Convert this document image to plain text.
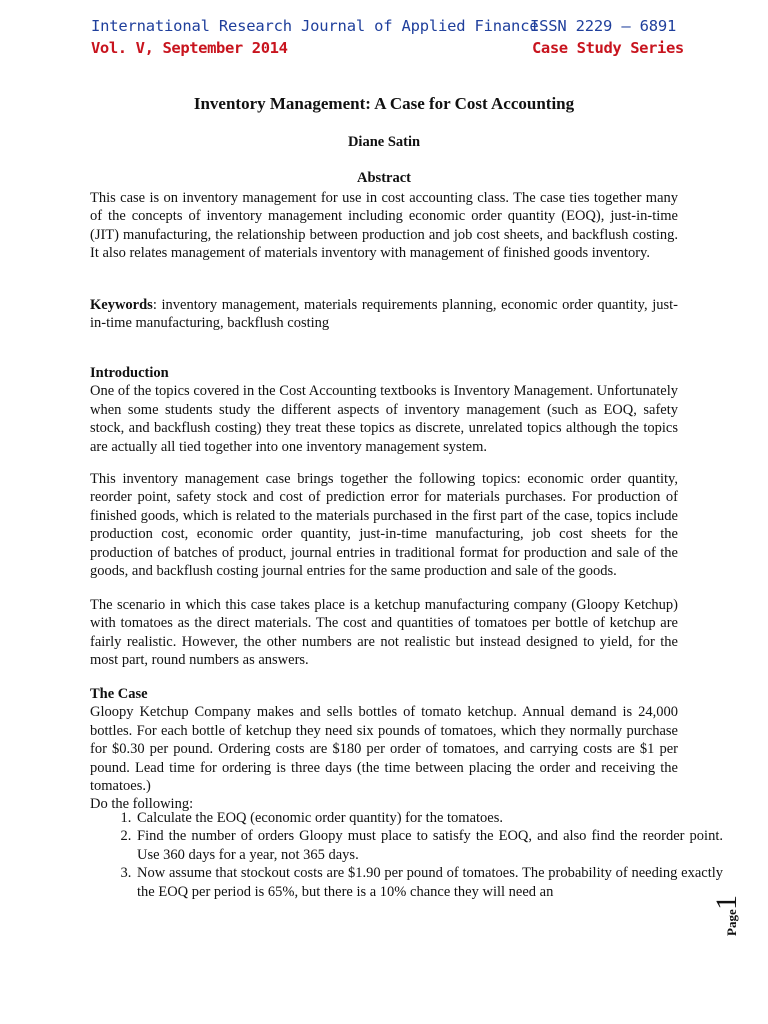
International Research Journal of Applied Finance
ISSN 2229 – 6891
Vol. V, September 2014	Case Study Series
Inventory Management: A Case for Cost Accounting
Diane Satin
Abstract

This case is on inventory management for use in cost accounting class. The case ties together many of the concepts of inventory management including economic order quantity (EOQ), just-in-time (JIT) manufacturing, the relationship between production and job cost sheets, and backflush costing. It also relates management of materials inventory with management of finished goods inventory.

Keywords: inventory management, materials requirements planning, economic order quantity, just-in-time manufacturing, backflush costing

Introduction

One of the topics covered in the Cost Accounting textbooks is Inventory Management. Unfortunately when some students study the different aspects of inventory management (such as EOQ, safety stock, and backflush costing) they treat these topics as discrete, unrelated topics although the topics are actually all tied together into one inventory management system.

This inventory management case brings together the following topics: economic order quantity, reorder point, safety stock and cost of prediction error for materials purchases. For production of finished goods, which is related to the materials purchased in the first part of the case, topics include production cost, economic order quantity, just-in-time manufacturing, job cost sheets for the production of batches of product, journal entries in traditional format for production and sale of the goods, and backflush costing journal entries for the same production and sale of the goods.

The scenario in which this case takes place is a ketchup manufacturing company (Gloopy Ketchup) with tomatoes as the direct materials. The cost and quantities of tomatoes per bottle of ketchup are fairly realistic. However, the other numbers are not realistic but instead designed to yield, for the most part, round numbers as answers.

The Case

Gloopy Ketchup Company makes and sells bottles of tomato ketchup. Annual demand is 24,000 bottles. For each bottle of ketchup they need six pounds of tomatoes, which they normally purchase for $0.30 per pound. Ordering costs are $180 per order of tomatoes, and carrying costs are $1 per pound. Lead time for ordering is three days (the time between placing the order and receiving the tomatoes.)

Do the following:

1. Calculate the EOQ (economic order quantity) for the tomatoes.
2. Find the number of orders Gloopy must place to satisfy the EOQ, and also find the reorder point. Use 360 days for a year, not 365 days.
3. Now assume that stockout costs are $1.90 per pound of tomatoes. The probability of needing exactly the EOQ per period is 65%, but there is a 10% chance they will need an
Page
1
